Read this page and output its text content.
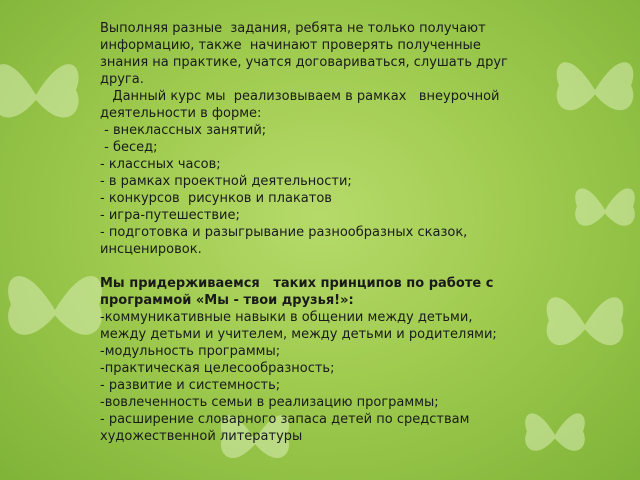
Выполняя разные  задания, ребята не только получают
информацию, также  начинают проверять полученные
знания на практике, учатся договариваться, слушать друг
друга.
Данный курс мы  реализовываем в рамках   внеурочной
деятельности в форме:
- внеклассных занятий;
- бесед;
- классных часов;
- в рамках проектной деятельности;
- конкурсов  рисунков и плакатов
- игра-путешествие;
- подготовка и разыгрывание разнообразных сказок,
инсценировок.
Мы придерживаемся   таких принципов по работе с
программой «Мы - твои друзья!»:
-коммуникативные навыки в общении между детьми,
между детьми и учителем, между детьми и родителями;
-модульность программы;
-практическая целесообразность;
- развитие и системность;
-вовлеченность семьи в реализацию программы;
- расширение словарного запаса детей по средствам
художественной литературы
